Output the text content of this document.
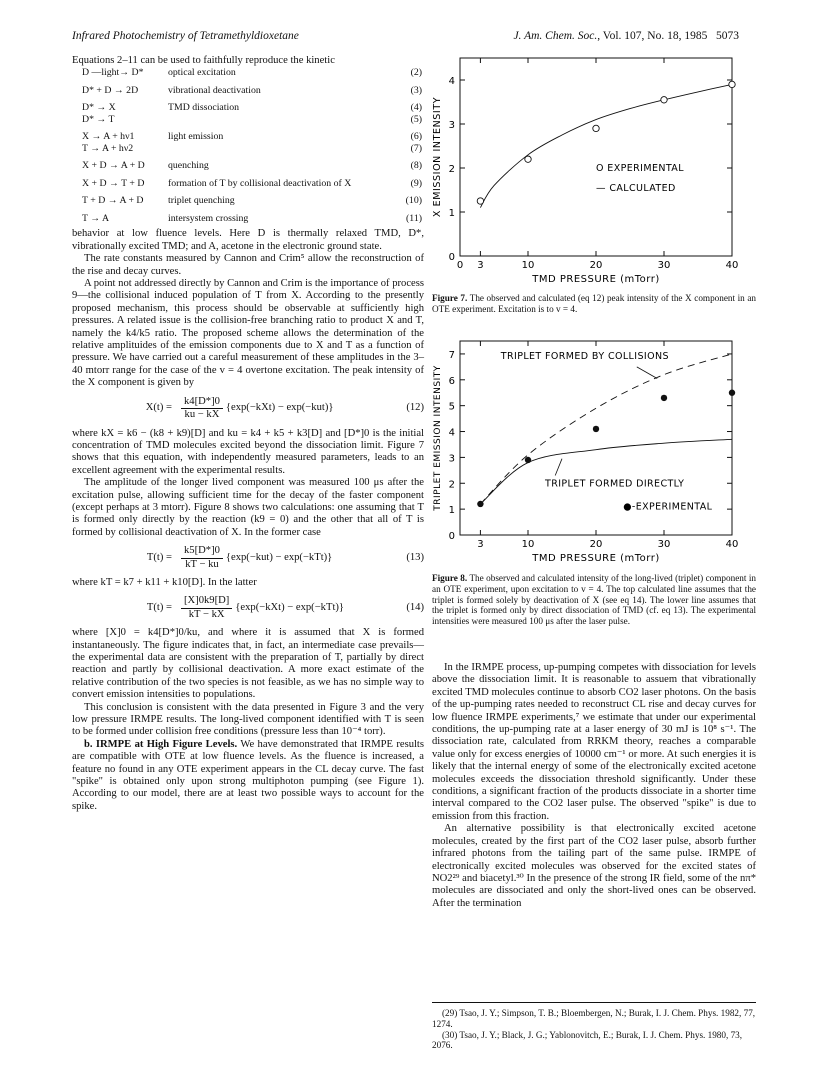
Infrared Photochemistry of Tetramethyldioxetane	J. Am. Chem. Soc., Vol. 107, No. 18, 1985 5073

Equations 2–11 can be used to faithfully reproduce the kinetic

D —light→ D*	optical excitation	(2)

D* + D → 2D	vibrational deactivation	(3)

D* → X	TMD dissociation	(4)
D* → T		(5)

X → A + hν1	light emission	(6)
T → A + hν2		(7)

X + D → A + D	quenching	(8)

X + D → T + D	formation of T by collisional deactivation of X	(9)

T + D → A + D	triplet quenching	(10)

T → A	intersystem crossing	(11)

behavior at low fluence levels. Here D is thermally relaxed TMD, D*, vibrationally excited TMD; and A, acetone in the electronic ground state.

The rate constants measured by Cannon and Crim⁵ allow the reconstruction of the rise and decay curves.

A point not addressed directly by Cannon and Crim is the importance of process 9—the collisional induced population of T from X. According to the presently proposed mechanism, this process should be observable at sufficiently high pressures. A related issue is the collision-free branching ratio to product X and T, namely the k4/k5 ratio. The proposed scheme allows the determination of the relative amplituides of the emission components due to X and T as a function of pressure. We have carried out a careful measurement of these amplitudes in the 3–40 mtorr range for the case of the v = 4 overtone excitation. The peak intensity of the X component is given by

$X(t) = \frac{k4[D*]0}{ku - kX} \{\exp(-kXt) - \exp(-kut)\}$	(12)

where kX = k6 − (k8 + k9)[D] and ku = k4 + k5 + k3[D] and [D*]0 is the initial concentration of TMD molecules excited beyond the dissociation limit. Figure 7 shows that this equation, with independently measured parameters, leads to an excellent agreement with the experimental results.

The amplitude of the longer lived component was measured 100 μs after the excitation pulse, allowing sufficient time for the decay of the faster component (except perhaps at 3 mtorr). Figure 8 shows two calculations: one assuming that T is formed only directly by the reaction (k9 = 0) and the other that all of T is formed by collisional deactivation of X. In the former case

$T(t) = \frac{k5[D*]0}{kT - ku} \{\exp(-kut) - \exp(-kTt)\}$	(13)

where kT = k7 + k11 + k10[D]. In the latter

$T(t) = \frac{[X]0k9[D]}{kT - kX} \{\exp(-kXt) - \exp(-kTt)\}$	(14)

where [X]0 = k4[D*]0/ku, and where it is assumed that X is formed instantaneously. The figure indicates that, in fact, an intermediate case prevails—the experimental data are consistent with the preparation of T, partially by direct reaction and partly by collisional deactivation. A more exact estimate of the relative contribution of the two species is not feasible, as we has no simple way to convert emission intensities to populations.

This conclusion is consistent with the data presented in Figure 3 and the very low pressure IRMPE results. The long-lived component identified with T is seen to be formed under collision free conditions (pressure less than 10⁻⁴ torr).

b. IRMPE at High Figure Levels. We have demonstrated that IRMPE results are compatible with OTE at low fluence levels. As the fluence is increased, a feature no found in any OTE experiment appears in the CL decay curve. The fast "spike" is obtained only upon strong multiphoton pumping (see Figure 1). According to our model, there are at least two possible ways to account for the spike.

0 3	10	20	30	40
0
1
2
3
4
TMD PRESSURE (mTorr)
X EMISSION INTENSITY	O EXPERIMENTAL
— CALCULATED
Figure 7. The observed and calculated (eq 12) peak intensity of the X component in an OTE experiment. Excitation is to v = 4.
3	10	20	30	40
0
1
2
3
4
5
6
7
TMD PRESSURE (mTorr)
TRIPLET EMISSION INTENSITY
TRIPLET FORMED BY COLLISIONS
TRIPLET FORMED DIRECTLY
●-EXPERIMENTAL
Figure 8. The observed and calculated intensity of the long-lived (triplet) component in an OTE experiment, upon excitation to v = 4. The top calculated line assumes that the triplet is formed solely by deactivation of X (see eq 14). The lower line assumes that the triplet is formed only by direct dissociation of TMD (cf. eq 13). The experimental intensities were measured 100 μs after the laser pulse.

In the IRMPE process, up-pumping competes with dissociation for levels above the dissociation limit. It is reasonable to assuem that vibrationally excited TMD molecules continue to absorb CO2 laser photons. On the basis of the up-pumping rates needed to reconstruct CL rise and decay curves for low fluence IRMPE experiments,⁷ we estimate that under our experimental conditions, the up-pumping rate at a laser energy of 30 mJ is 10⁸ s⁻¹. The dissociation rate, calculated from RRKM theory, reaches a comparable value only for excess energies of 10000 cm⁻¹ or more. At such energies it is likely that the internal energy of some of the electronically excited acetone molecules exceeds the dissociation threshold significantly. Under these conditions, a significant fraction of the products dissociate in a shorter time interval compared to the CO2 laser pulse. The observed "spike" is due to emission from this fraction.

An alternative possibility is that electronically excited acetone molecules, created by the first part of the CO2 laser pulse, absorb further infrared photons from the tailing part of the same pulse. IRMPE of electronically excited molecules was observed for the excited states of NO2²⁹ and biacetyl.³⁰ In the presence of the strong IR field, some of the nπ* molecules are dissociated and only the short-lived ones can be observed. After the termination

(29) Tsao, J. Y.; Simpson, T. B.; Bloembergen, N.; Burak, I. J. Chem. Phys. 1982, 77, 1274.

(30) Tsao, J. Y.; Black, J. G.; Yablonovitch, E.; Burak, I. J. Chem. Phys. 1980, 73, 2076.
